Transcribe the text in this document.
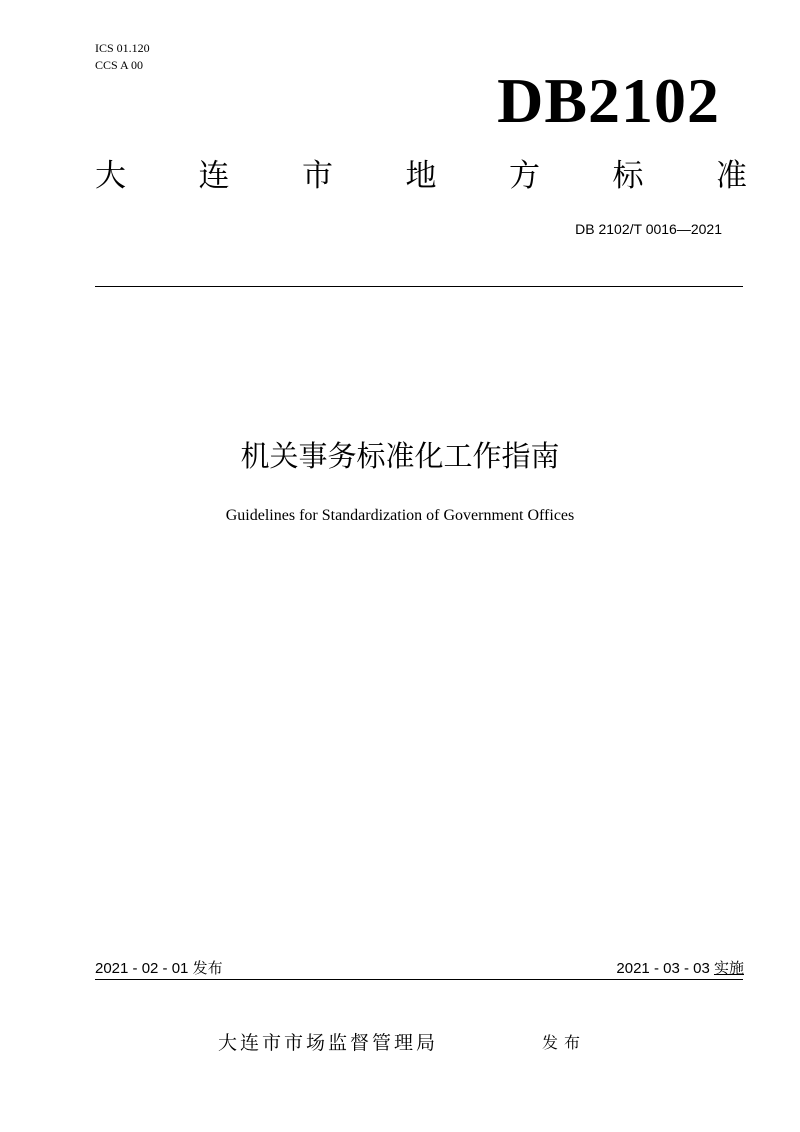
ICS 01.120
CCS A 00	DB2102
大 连 市 地 方 标 准
DB 2102/T 0016—2021
机关事务标准化工作指南
Guidelines for Standardization of Government Offices
2021 - 02 - 01 发布	2021 - 03 - 03 实施
大连市市场监督管理局	发布
